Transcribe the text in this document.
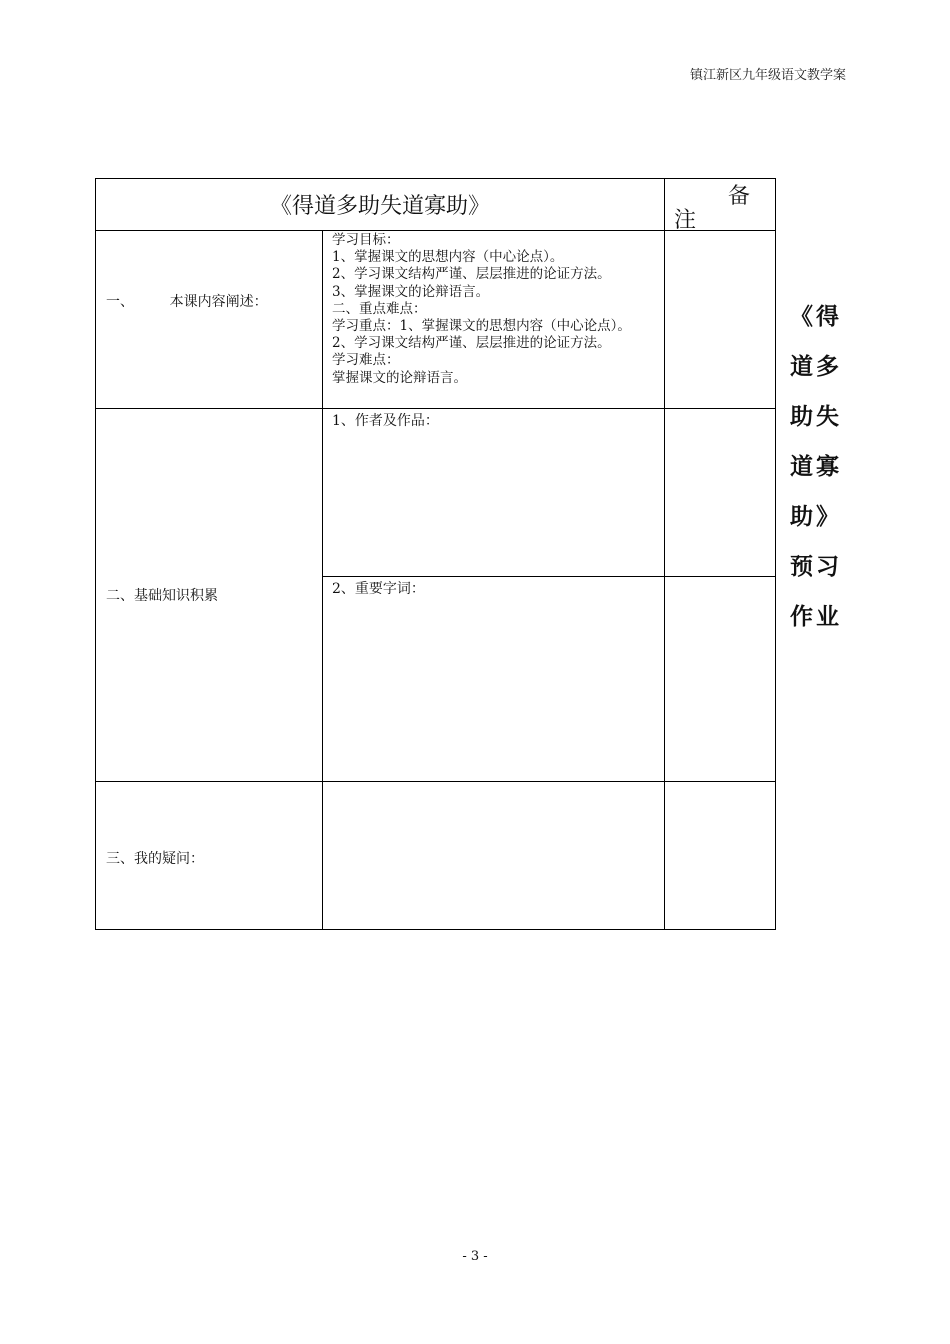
镇江新区九年级语文教学案
《得道多助失道寡助》	备
注
一、        本课内容阐述：
学习目标：
1、掌握课文的思想内容（中心论点）。
2、学习课文结构严谨、层层推进的论证方法。
3、掌握课文的论辩语言。
二、重点难点：
学习重点：1、掌握课文的思想内容（中心论点）。
2、学习课文结构严谨、层层推进的论证方法。
学习难点：
掌握课文的论辩语言。
二、基础知识积累
1、作者及作品：
2、重要字词：
三、我的疑问：
《得道多助失道寡助》预习作业
- 3 -
